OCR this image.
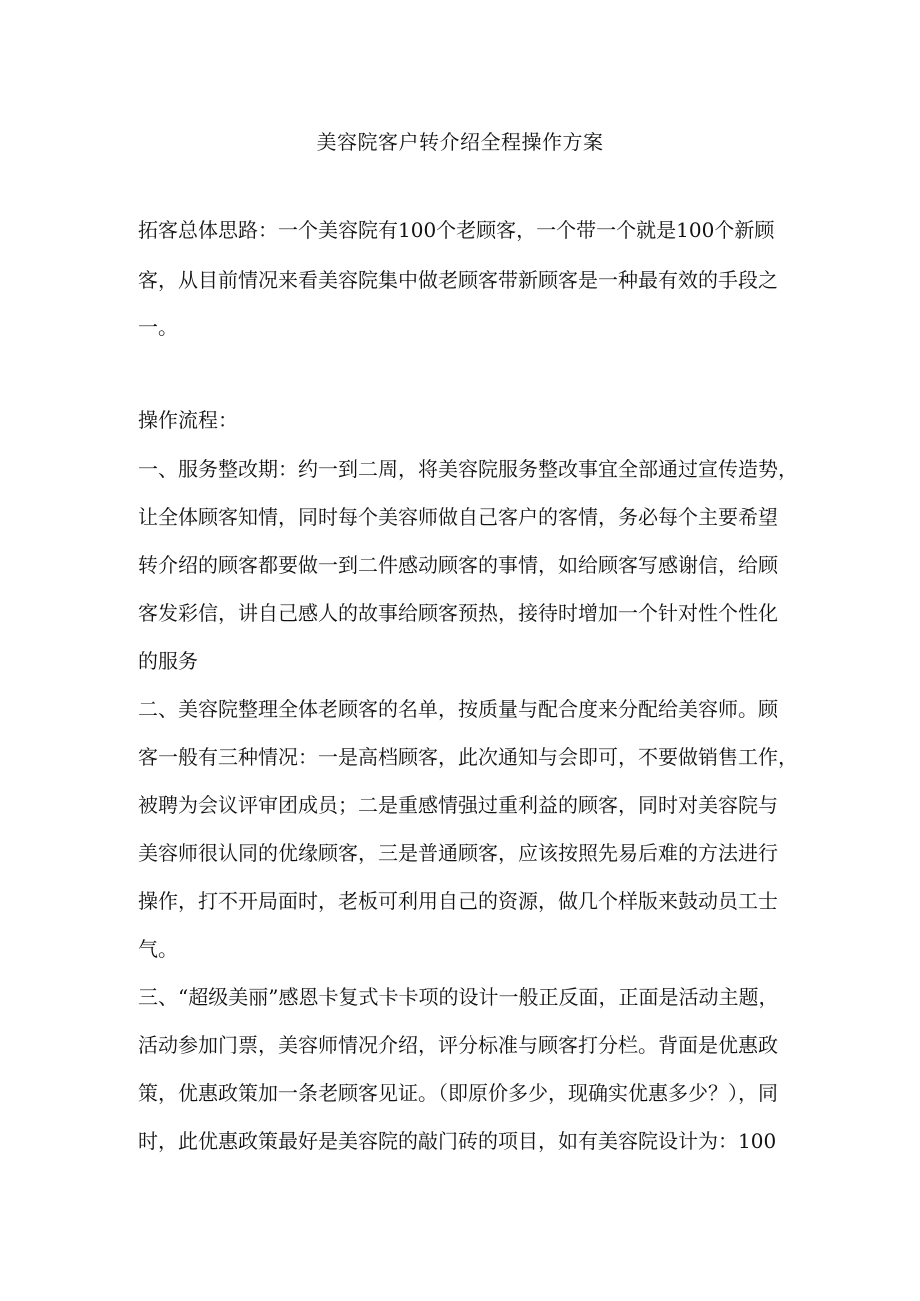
美容院客户转介绍全程操作方案
拓客总体思路：一个美容院有100个老顾客，一个带一个就是100个新顾
客，从目前情况来看美容院集中做老顾客带新顾客是一种最有效的手段之
一。
操作流程：
一、服务整改期：约一到二周，将美容院服务整改事宜全部通过宣传造势，
让全体顾客知情，同时每个美容师做自己客户的客情，务必每个主要希望
转介绍的顾客都要做一到二件感动顾客的事情，如给顾客写感谢信，给顾
客发彩信，讲自己感人的故事给顾客预热，接待时增加一个针对性个性化
的服务
二、美容院整理全体老顾客的名单，按质量与配合度来分配给美容师。顾
客一般有三种情况：一是高档顾客，此次通知与会即可，不要做销售工作，
被聘为会议评审团成员；二是重感情强过重利益的顾客，同时对美容院与
美容师很认同的优缘顾客，三是普通顾客，应该按照先易后难的方法进行
操作，打不开局面时，老板可利用自己的资源，做几个样版来鼓动员工士
气。
三、“超级美丽”感恩卡复式卡卡项的设计一般正反面，正面是活动主题，
活动参加门票，美容师情况介绍，评分标准与顾客打分栏。背面是优惠政
策，优惠政策加一条老顾客见证。（即原价多少，现确实优惠多少？），同
时，此优惠政策最好是美容院的敲门砖的项目，如有美容院设计为：100
